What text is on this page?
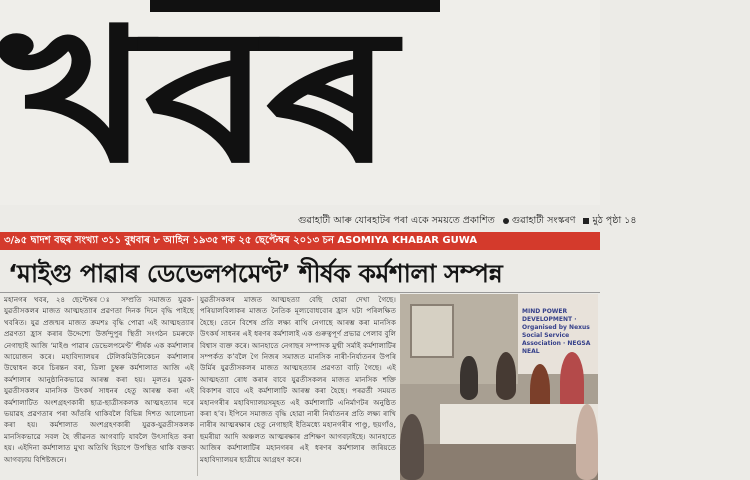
খবৰ
গুৱাহাটী আৰু যোৰহাটৰ পৰা একে সময়তে প্ৰকাশিত গুৱাহাটী সংস্কৰণ মুঠ পৃষ্ঠা ১৪
৩/৯৫ দ্বাদশ বছৰ সংখ্যা ৩১১ বুধবাৰ ৮ আহিন ১৯৩৫ শক ২৫ ছেপ্টেম্বৰ ২০১৩ চন ASOMIYA KHABAR GUWA
‘মাইগু পাৱাৰ ডেভেলপমেণ্ট’ শীৰ্ষক কৰ্মশালা সম্পন্ন
মহানগৰ খবৰ, ২৪ ছেপ্টেম্বৰ ঃ সম্প্ৰতি সমাজত যুৱক-যুৱতীসকলৰ মাজত আত্মহত্যাৰ প্ৰৱণতা দিনক দিনে বৃদ্ধি পাইছে খবৰিত। যুৱ প্ৰজন্মৰ মাজত ক্ৰমশঃ বৃদ্ধি পোৱা এই আত্মহত্যাৰ প্ৰৱণতা হ্ৰাস কৰাৰ উদ্দেশ্যে উৰ্জন্দুপুৰ স্থিতী সংগঠন চমৰুফে নেগাছাই আজি ‘মাইণ্ড পাৱাৰ ডেভেলপমেণ্ট’ শীৰ্ষক এক কৰ্মশালাৰ আয়োজন কৰে। মহাবিদ্যালয়ৰ টেলিকমিউনিকেচন কৰ্মশালাৰ উদ্বোধন কৰে চিৰন্তন বৰা, ডিলা চুম্বৰু কৰ্মশালাত আজি এই কৰ্মশালাৰ আনুষ্ঠানিকভাৱে আৰম্ভ কৰা হয়। মূলতঃ যুৱক-যুৱতীসকলৰ মানসিক উৎকৰ্ষ সাধনৰ হেতু আৰম্ভ কৰা এই কৰ্মশালাটিত অংশগ্ৰহণকাৰী ছাত্ৰ-ছাত্ৰীসকলক আত্মহত্যাৰ দৰে ভয়াৱহ প্ৰৱণতাৰ পৰা আঁতৰি থাকিবলৈ বিভিন্ন দিশত আলোচনা কৰা হয়। কৰ্মশালাত অংশগ্ৰহণকাৰী যুৱক-যুৱতীসকলক মানসিকভাৱে সবল হৈ জীৱনত আগবাঢ়ি যাবলৈ উৎসাহিত কৰা হয়। এইদিনা কৰ্মশালাত মুখ্য অতিথি হিচাপে উপস্থিত থাকি বক্তব্য আগবঢ়ায় বিশিষ্টজনে।
যুৱতীসকলৰ মাজত আত্মহত্যা বেছি হোৱা দেখা গৈছে। পৰিয়ালবিলাকৰ মাজত নৈতিক মূল্যবোধবোৰ হ্ৰাস ঘটা পৰিলক্ষিত হৈছে। তেনে বিশেষ প্ৰতি লক্ষ্য ৰাখি নেগাছে আৰম্ভ কৰা মানসিক উৎকৰ্ষ সাধনৰ এই ধৰণৰ কৰ্মশালাই এক গুৰুত্বপূৰ্ণ প্ৰভাৱ পেলাব বুলি বিশ্বাস ব্যক্ত কৰে। আনহাতে নেগাছৰ সম্পাদক মুন্মী সৰ্মাই কৰ্মশালাটিৰ সম্পৰ্কত ক’বলৈ গৈ নিজৰ সমাজত মানসিক নাৰী-নিৰ্যাতনৰ উপৰি উৰ্মিৰ যুৱতীসকলৰ মাজত আত্মহত্যাৰ প্ৰৱণতা বাঢ়ি গৈছে। এই আত্মহত্যা ৰোধ কৰাৰ বাবে যুৱতীসকলৰ মাজত মানসিক শক্তি বিকাশৰ বাবে এই কৰ্মশালাটি আৰম্ভ কৰা হৈছে। পৰৱৰ্তী সময়ত মহানগৰীৰ মহাবিদ্যালয়সমূহত এই কৰ্মশালাটি এনিৰ্মাণটৰ অনুষ্ঠিত কৰা হ’ব। ইপিনে সমাজত বৃদ্ধি হোৱা নাৰী নিৰ্যাতনৰ প্ৰতি লক্ষ্য ৰাখি নাৰীৰ আত্মৰক্ষাৰ হেতু নেগাছাই ইতিমধ্যে মহানগৰীৰ পাণ্ডু, ছয়গাঁও, ছমৰীয়া আদি অঞ্চলত আত্মৰক্ষাৰ প্ৰশিক্ষণ আগবঢ়াইছে। আনহাতে আজিৰ কৰ্মশালাটিৰ মহানগৰৰ এই ধৰণৰ কৰ্মশালাৰ জৰিয়তে মহাবিদ্যালয়ৰ ছাত্ৰীয়ে আগ্ৰহণ কৰে।
MIND POWER DEVELOPMENT · Organised by Nexus Social Service Association · NEGSA NEAL
